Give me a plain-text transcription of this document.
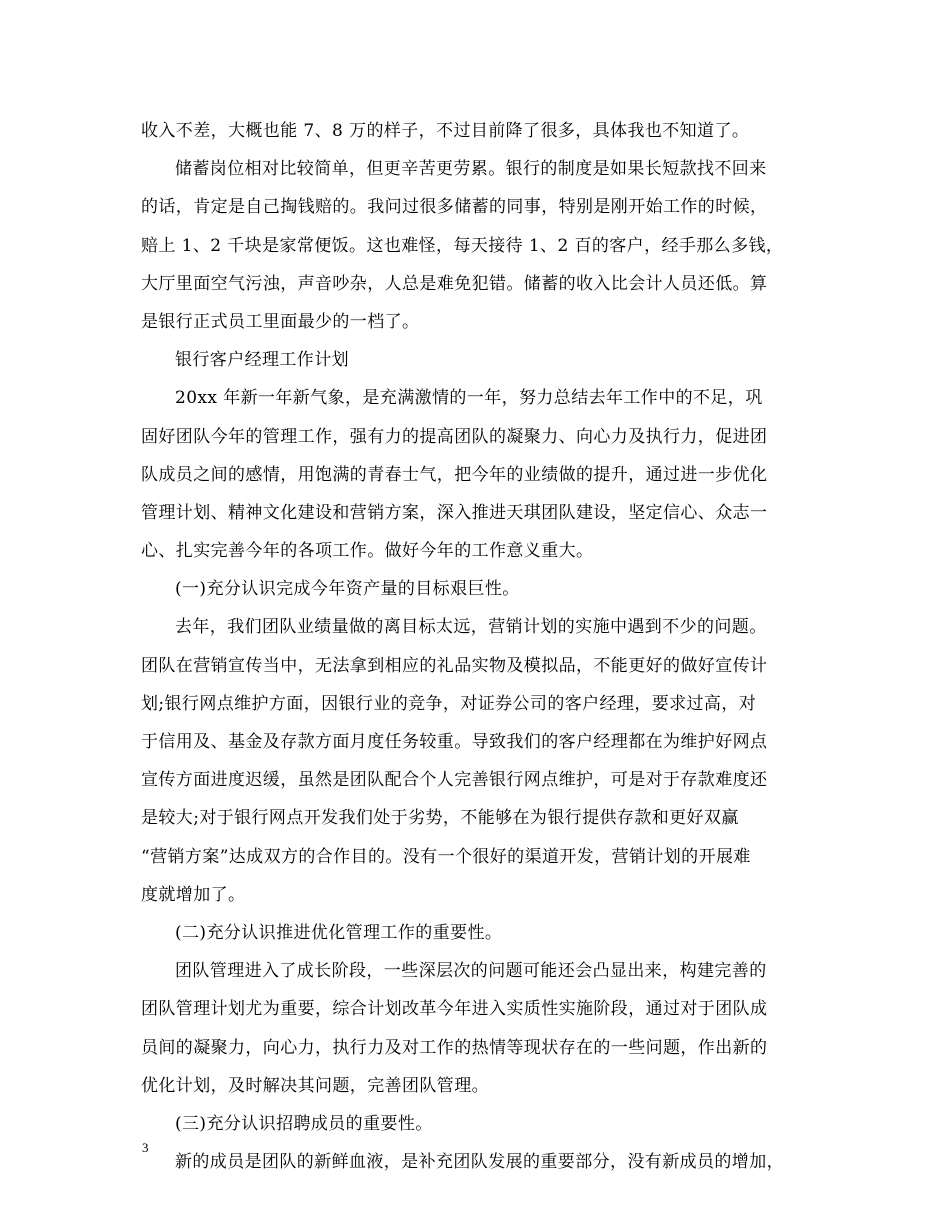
收入不差，大概也能 7、8 万的样子，不过目前降了很多，具体我也不知道了。
储蓄岗位相对比较简单，但更辛苦更劳累。银行的制度是如果长短款找不回来
的话，肯定是自己掏钱赔的。我问过很多储蓄的同事，特别是刚开始工作的时候，
赔上 1、2 千块是家常便饭。这也难怪，每天接待 1、2 百的客户，经手那么多钱，
大厅里面空气污浊，声音吵杂，人总是难免犯错。储蓄的收入比会计人员还低。算
是银行正式员工里面最少的一档了。
银行客户经理工作计划
20xx 年新一年新气象，是充满激情的一年，努力总结去年工作中的不足，巩
固好团队今年的管理工作，强有力的提高团队的凝聚力、向心力及执行力，促进团
队成员之间的感情，用饱满的青春士气，把今年的业绩做的提升，通过进一步优化
管理计划、精神文化建设和营销方案，深入推进天琪团队建设，坚定信心、众志一
心、扎实完善今年的各项工作。做好今年的工作意义重大。
(一)充分认识完成今年资产量的目标艰巨性。
去年，我们团队业绩量做的离目标太远，营销计划的实施中遇到不少的问题。
团队在营销宣传当中，无法拿到相应的礼品实物及模拟品，不能更好的做好宣传计
划;银行网点维护方面，因银行业的竞争，对证券公司的客户经理，要求过高，对
于信用及、基金及存款方面月度任务较重。导致我们的客户经理都在为维护好网点
宣传方面进度迟缓，虽然是团队配合个人完善银行网点维护，可是对于存款难度还
是较大;对于银行网点开发我们处于劣势，不能够在为银行提供存款和更好双赢
“营销方案”达成双方的合作目的。没有一个很好的渠道开发，营销计划的开展难
度就增加了。
(二)充分认识推进优化管理工作的重要性。
团队管理进入了成长阶段，一些深层次的问题可能还会凸显出来，构建完善的
团队管理计划尤为重要，综合计划改革今年进入实质性实施阶段，通过对于团队成
员间的凝聚力，向心力，执行力及对工作的热情等现状存在的一些问题，作出新的
优化计划，及时解决其问题，完善团队管理。
(三)充分认识招聘成员的重要性。
新的成员是团队的新鲜血液，是补充团队发展的重要部分，没有新成员的增加，
3
